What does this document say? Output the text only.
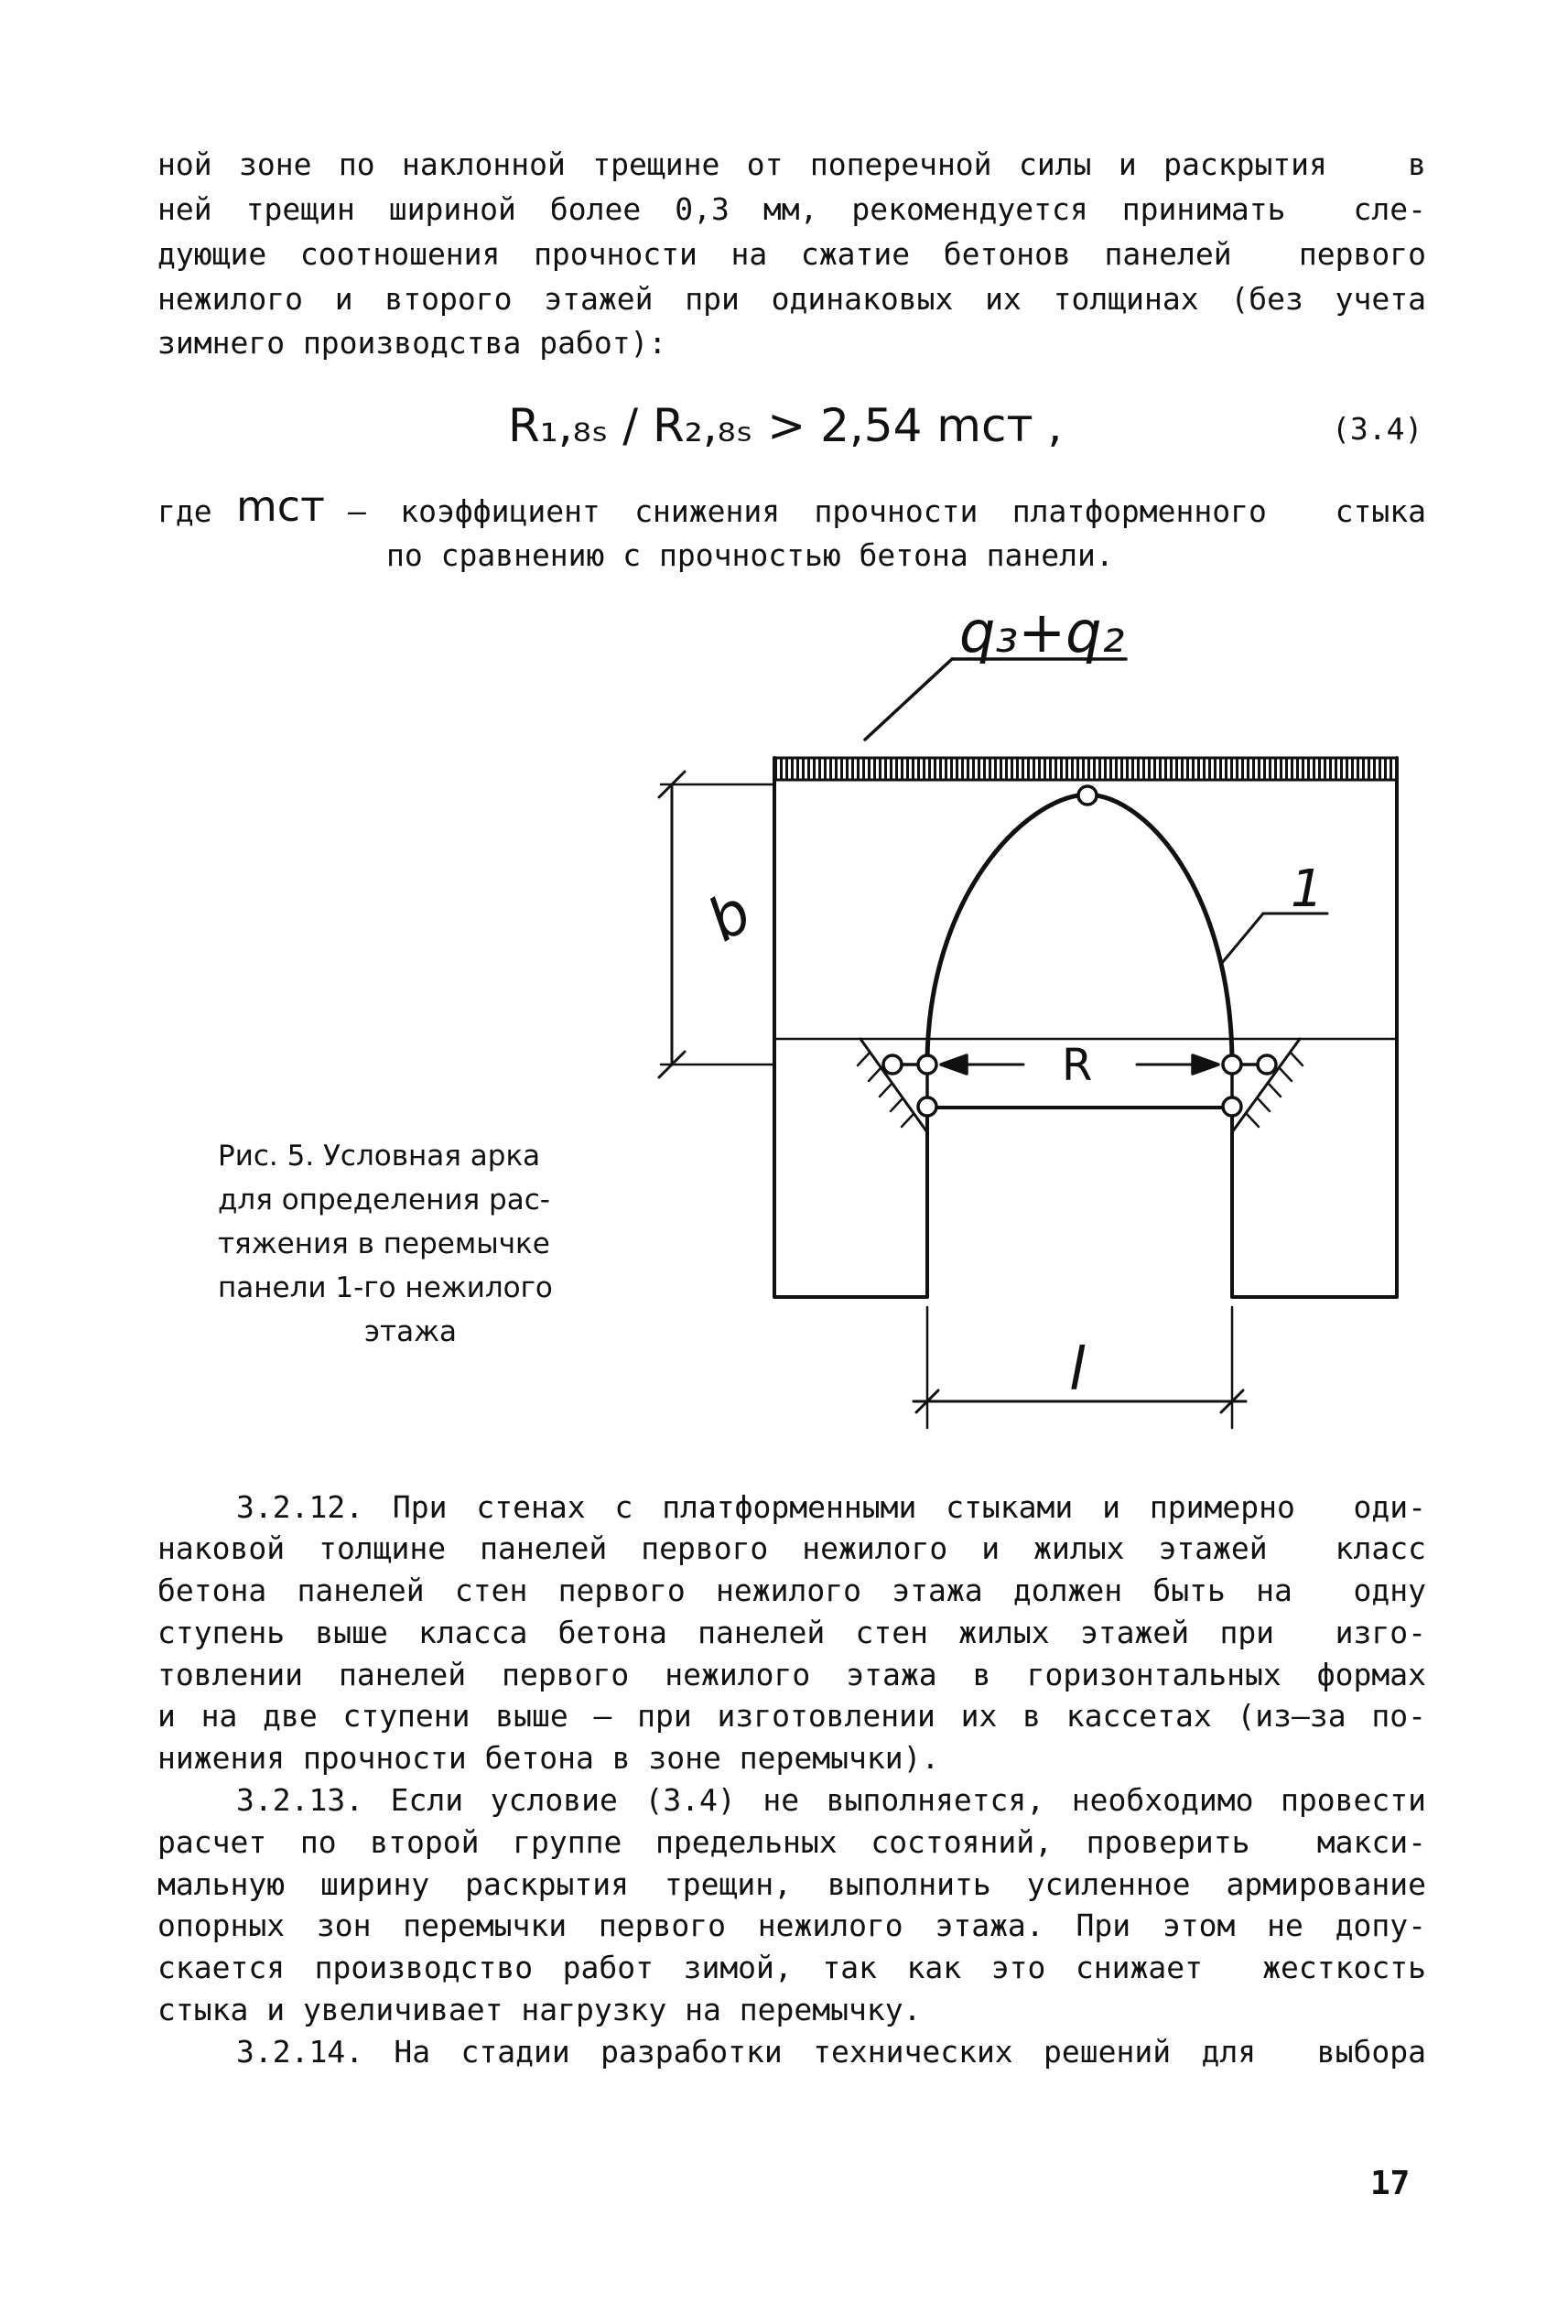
ной зоне по наклонной трещине от поперечной силы и раскрытия   в
ней трещин шириной более 0,3 мм, рекомендуется принимать  сле-
дующие соотношения прочности на сжатие бетонов панелей  первого
нежилого и второго этажей при одинаковых их толщинах (без учета
зимнего производства работ):
R₁,₈ₛ / R₂,₈ₛ > 2,54 mст ,	(3.4)
где mст – коэффициент снижения прочности платформенного  стыка
по сравнению с прочностью бетона панели.
q₃+q₂
1
b
R
l
Рис. 5. Условная арка
для определения рас-
тяжения в перемычке
панели 1-го нежилого
этажа
3.2.12. При стенах с платформенными стыками и примерно  оди-
наковой толщине панелей первого нежилого и жилых этажей  класс
бетона панелей стен первого нежилого этажа должен быть на  одну
ступень выше класса бетона панелей стен жилых этажей при  изго-
товлении панелей первого нежилого этажа в горизонтальных формах
и на две ступени выше – при изготовлении их в кассетах (из–за по-
нижения прочности бетона в зоне перемычки).
3.2.13. Если условие (3.4) не выполняется, необходимо провести
расчет по второй группе предельных состояний, проверить  макси-
мальную ширину раскрытия трещин, выполнить усиленное армирование
опорных зон перемычки первого нежилого этажа. При этом не допу-
скается производство работ зимой, так как это снижает  жесткость
стыка и увеличивает нагрузку на перемычку.
3.2.14. На стадии разработки технических решений для  выбора
17
